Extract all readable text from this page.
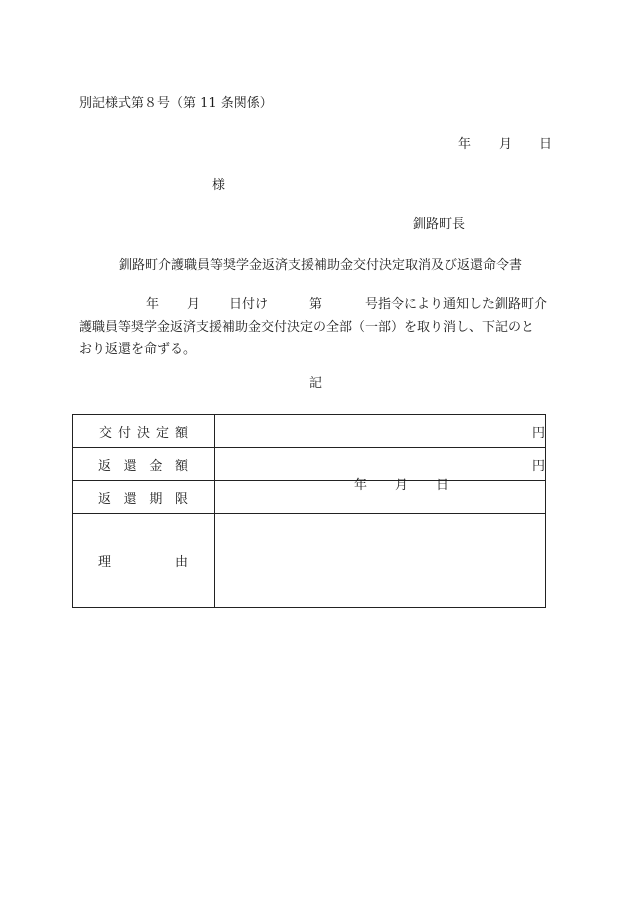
別記様式第８号（第 11 条関係）
年 月 日
様
釧路町長
釧路町介護職員等奨学金返済支援補助金交付決定取消及び返還命令書
年 月 日付け	第	号指令により通知した釧路町介
護職員等奨学金返済支援補助金交付決定の全部（一部）を取り消し、下記のと
おり返還を命ずる。
記
交 付 決 定 額	円

返 還 金 額	円

返 還 期 限	年 月 日

理 由	
